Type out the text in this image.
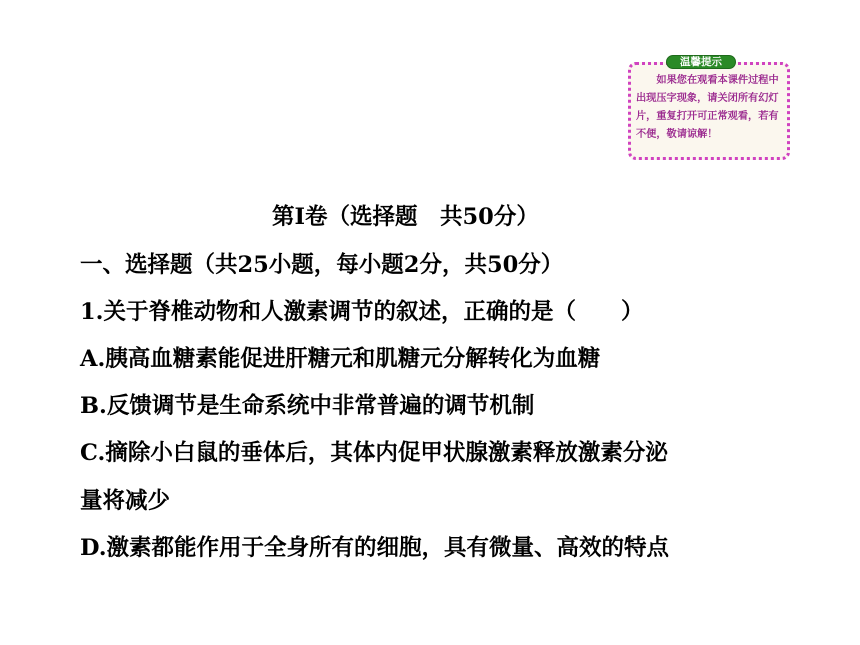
温馨提示
如果您在观看本课件过程中出现压字现象，请关闭所有幻灯片，重复打开可正常观看，若有不便，敬请谅解！
第Ⅰ卷（选择题　共50分）
一、选择题（共25小题，每小题2分，共50分）
1.关于脊椎动物和人激素调节的叙述，正确的是（　　）
A.胰高血糖素能促进肝糖元和肌糖元分解转化为血糖
B.反馈调节是生命系统中非常普遍的调节机制
C.摘除小白鼠的垂体后，其体内促甲状腺激素释放激素分泌
量将减少
D.激素都能作用于全身所有的细胞，具有微量、高效的特点
